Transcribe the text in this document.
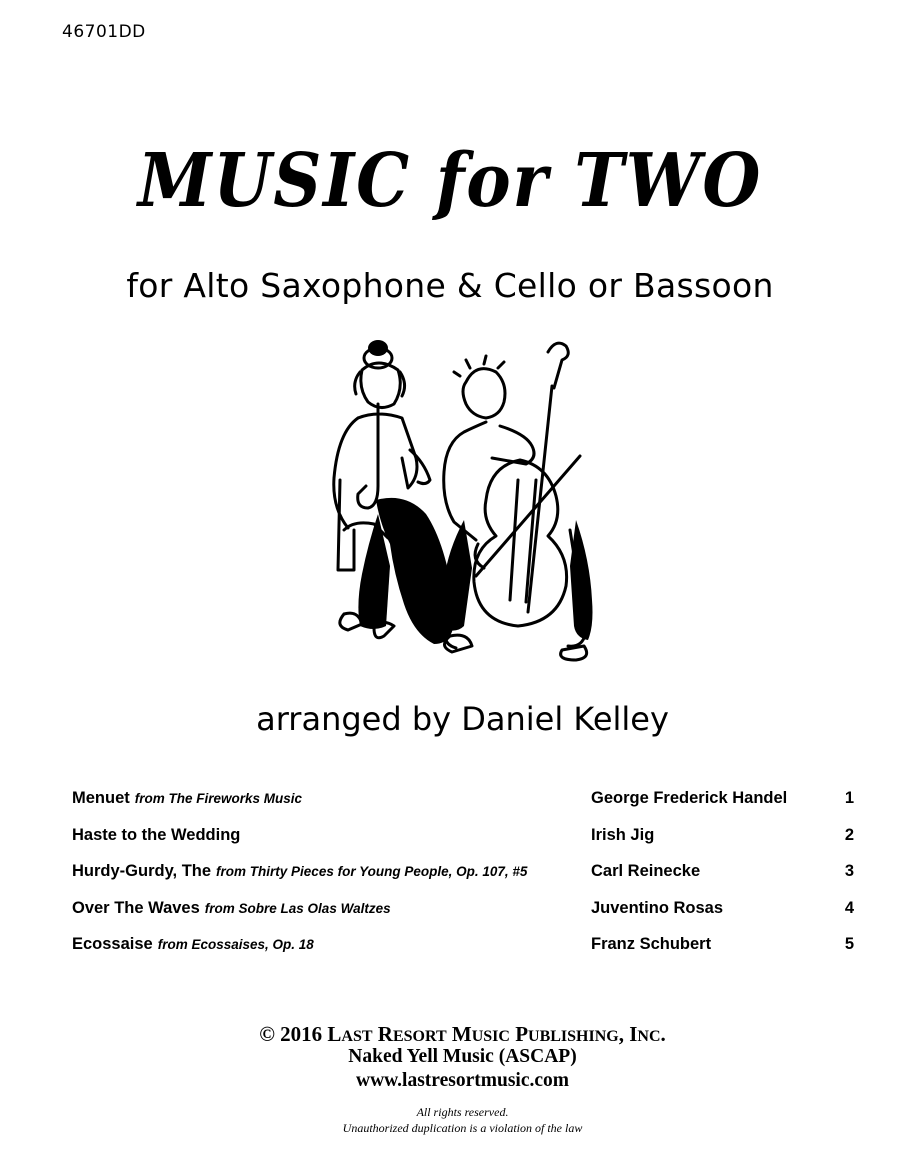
46701DD
MUSIC for TWO
for Alto Saxophone & Cello or Bassoon
arranged by Daniel Kelley
Menuet from The Fireworks Music	George Frederick Handel	1
Haste to the Wedding	Irish Jig	2
Hurdy-Gurdy, The from Thirty Pieces for Young People, Op. 107, #5	Carl Reinecke	3
Over The Waves from Sobre Las Olas Waltzes	Juventino Rosas	4
Ecossaise from Ecossaises, Op. 18	Franz Schubert	5
© 2016 LAST RESORT MUSIC PUBLISHING, INC.
Naked Yell Music (ASCAP)
www.lastresortmusic.com
All rights reserved.
Unauthorized duplication is a violation of the law
